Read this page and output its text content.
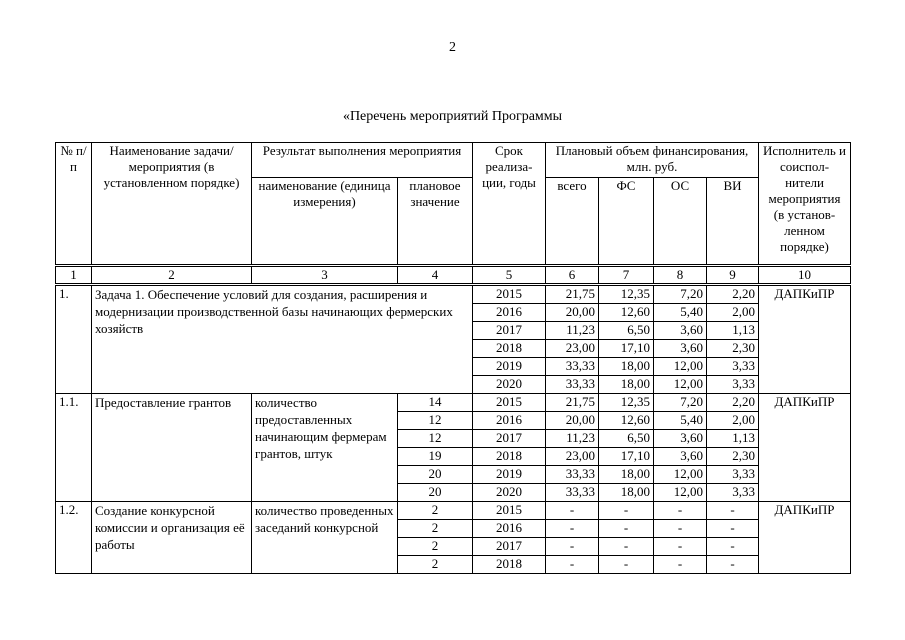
2
«Перечень мероприятий Программы
№ п/п	Наименование задачи/мероприятия (в установленном порядке)	Результат выполнения мероприятия		Срок реализа-ции, годы	Плановый объем финансирования, млн. руб.				Исполнитель и соиспол-нители мероприятия (в установ-ленном порядке)
		наименование (единица измерения)	плановое значение		всего	ФС	ОС	ВИ	
1	2	3	4	5	6	7	8	9	10
1.	Задача 1. Обеспечение условий для создания, расширения и модернизации производственной базы начинающих фермерских хозяйств			2015	21,75	12,35	7,20	2,20	ДАПКиПР
				2016	20,00	12,60	5,40	2,00	
				2017	11,23	6,50	3,60	1,13	
				2018	23,00	17,10	3,60	2,30	
				2019	33,33	18,00	12,00	3,33	
				2020	33,33	18,00	12,00	3,33	
1.1.	Предоставление грантов	количество предоставленных начинающим фермерам грантов, штук	14	2015	21,75	12,35	7,20	2,20	ДАПКиПР
			12	2016	20,00	12,60	5,40	2,00	
			12	2017	11,23	6,50	3,60	1,13	
			19	2018	23,00	17,10	3,60	2,30	
			20	2019	33,33	18,00	12,00	3,33	
			20	2020	33,33	18,00	12,00	3,33	
1.2.	Создание конкурсной комиссии и организация её работы	количество проведенных заседаний конкурсной	2	2015	-	-	-	-	ДАПКиПР
			2	2016	-	-	-	-	
			2	2017	-	-	-	-	
			2	2018	-	-	-	-	
